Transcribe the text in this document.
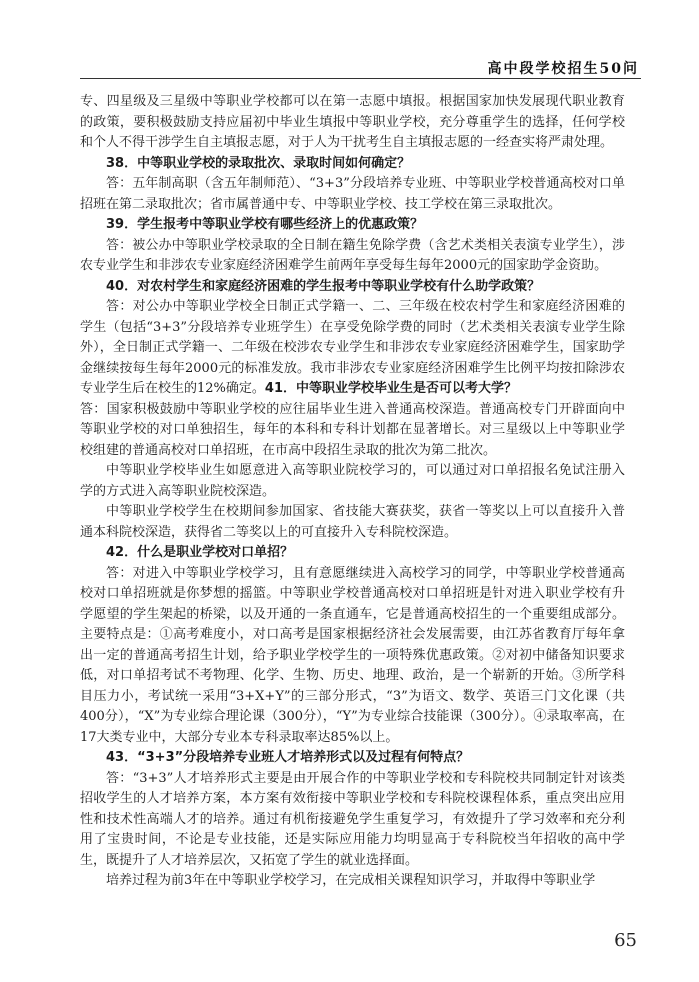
高中段学校招生50问

专、四星级及三星级中等职业学校都可以在第一志愿中填报。根据国家加快发展现代职业教育的政策，要积极鼓励支持应届初中毕业生填报中等职业学校，充分尊重学生的选择，任何学校和个人不得干涉学生自主填报志愿，对于人为干扰考生自主填报志愿的一经查实将严肃处理。

38．中等职业学校的录取批次、录取时间如何确定？

答：五年制高职（含五年制师范）、“3+3”分段培养专业班、中等职业学校普通高校对口单招班在第二录取批次；省市属普通中专、中等职业学校、技工学校在第三录取批次。

39．学生报考中等职业学校有哪些经济上的优惠政策？

答：被公办中等职业学校录取的全日制在籍生免除学费（含艺术类相关表演专业学生），涉农专业学生和非涉农专业家庭经济困难学生前两年享受每生每年2000元的国家助学金资助。

40．对农村学生和家庭经济困难的学生报考中等职业学校有什么助学政策？

答：对公办中等职业学校全日制正式学籍一、二、三年级在校农村学生和家庭经济困难的学生（包括“3+3”分段培养专业班学生）在享受免除学费的同时（艺术类相关表演专业学生除外），全日制正式学籍一、二年级在校涉农专业学生和非涉农专业家庭经济困难学生，国家助学金继续按每生每年2000元的标准发放。我市非涉农专业家庭经济困难学生比例平均按扣除涉农专业学生后在校生的12%确定。41．中等职业学校毕业生是否可以考大学？

答：国家积极鼓励中等职业学校的应往届毕业生进入普通高校深造。普通高校专门开辟面向中等职业学校的对口单独招生，每年的本科和专科计划都在显著增长。对三星级以上中等职业学校组建的普通高校对口单招班，在市高中段招生录取的批次为第二批次。

中等职业学校毕业生如愿意进入高等职业院校学习的，可以通过对口单招报名免试注册入学的方式进入高等职业院校深造。

中等职业学校学生在校期间参加国家、省技能大赛获奖，获省一等奖以上可以直接升入普通本科院校深造，获得省二等奖以上的可直接升入专科院校深造。

42．什么是职业学校对口单招？

答：对进入中等职业学校学习，且有意愿继续进入高校学习的同学，中等职业学校普通高校对口单招班就是你梦想的摇篮。中等职业学校普通高校对口单招班是针对进入职业学校有升学愿望的学生架起的桥梁，以及开通的一条直通车，它是普通高校招生的一个重要组成部分。主要特点是：①高考难度小，对口高考是国家根据经济社会发展需要，由江苏省教育厅每年拿出一定的普通高考招生计划，给予职业学校学生的一项特殊优惠政策。②对初中储备知识要求低，对口单招考试不考物理、化学、生物、历史、地理、政治，是一个崭新的开始。③所学科目压力小，考试统一采用“3+X+Y”的三部分形式，“3”为语文、数学、英语三门文化课（共400分），“X”为专业综合理论课（300分），“Y”为专业综合技能课（300分）。④录取率高，在17大类专业中，大部分专业本专科录取率达85%以上。

43．“3+3”分段培养专业班人才培养形式以及过程有何特点？

答：“3+3”人才培养形式主要是由开展合作的中等职业学校和专科院校共同制定针对该类招收学生的人才培养方案，本方案有效衔接中等职业学校和专科院校课程体系，重点突出应用性和技术性高端人才的培养。通过有机衔接避免学生重复学习，有效提升了学习效率和充分利用了宝贵时间，不论是专业技能，还是实际应用能力均明显高于专科院校当年招收的高中学生，既提升了人才培养层次，又拓宽了学生的就业选择面。

培养过程为前3年在中等职业学校学习，在完成相关课程知识学习，并取得中等职业学

65
